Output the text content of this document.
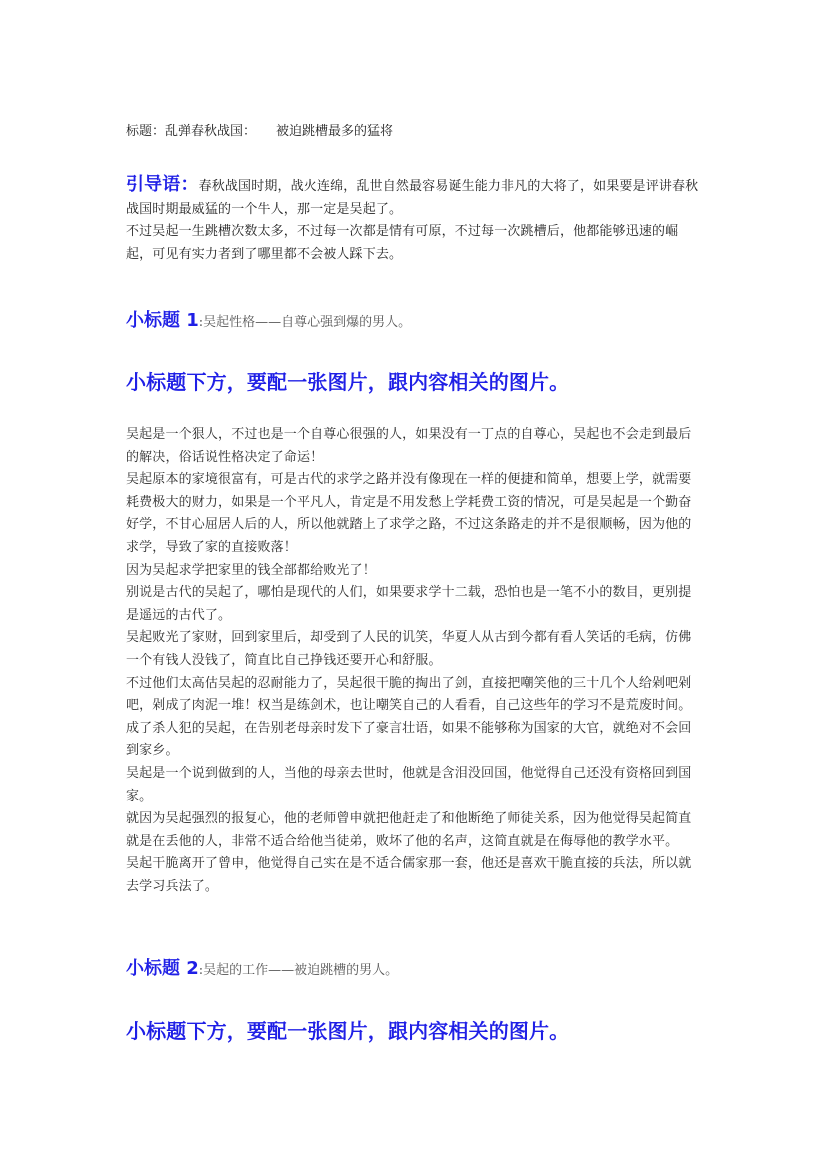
标题：乱弹春秋战国： 被迫跳槽最多的猛将

引导语：春秋战国时期，战火连绵，乱世自然最容易诞生能力非凡的大将了，如果要是评讲春秋战国时期最威猛的一个牛人，那一定是吴起了。

不过吴起一生跳槽次数太多，不过每一次都是情有可原，不过每一次跳槽后，他都能够迅速的崛起，可见有实力者到了哪里都不会被人踩下去。

小标题 1:吴起性格——自尊心强到爆的男人。

小标题下方，要配一张图片，跟内容相关的图片。

吴起是一个狠人，不过也是一个自尊心很强的人，如果没有一丁点的自尊心，吴起也不会走到最后的解决，俗话说性格决定了命运！

吴起原本的家境很富有，可是古代的求学之路并没有像现在一样的便捷和简单，想要上学，就需要耗费极大的财力，如果是一个平凡人，肯定是不用发愁上学耗费工资的情况，可是吴起是一个勤奋好学，不甘心屈居人后的人，所以他就踏上了求学之路，不过这条路走的并不是很顺畅，因为他的求学，导致了家的直接败落！

因为吴起求学把家里的钱全部都给败光了！

别说是古代的吴起了，哪怕是现代的人们，如果要求学十二载，恐怕也是一笔不小的数目，更别提是遥远的古代了。

吴起败光了家财，回到家里后，却受到了人民的讥笑，华夏人从古到今都有看人笑话的毛病，仿佛一个有钱人没钱了，简直比自己挣钱还要开心和舒服。

不过他们太高估吴起的忍耐能力了，吴起很干脆的掏出了剑，直接把嘲笑他的三十几个人给剁吧剁吧，剁成了肉泥一堆！权当是练剑术，也让嘲笑自己的人看看，自己这些年的学习不是荒废时间。

成了杀人犯的吴起，在告别老母亲时发下了豪言壮语，如果不能够称为国家的大官，就绝对不会回到家乡。

吴起是一个说到做到的人，当他的母亲去世时，他就是含泪没回国，他觉得自己还没有资格回到国家。

就因为吴起强烈的报复心，他的老师曾申就把他赶走了和他断绝了师徒关系，因为他觉得吴起简直就是在丢他的人，非常不适合给他当徒弟，败坏了他的名声，这简直就是在侮辱他的教学水平。

吴起干脆离开了曾申，他觉得自己实在是不适合儒家那一套，他还是喜欢干脆直接的兵法，所以就去学习兵法了。

小标题 2:吴起的工作——被迫跳槽的男人。

小标题下方，要配一张图片，跟内容相关的图片。
